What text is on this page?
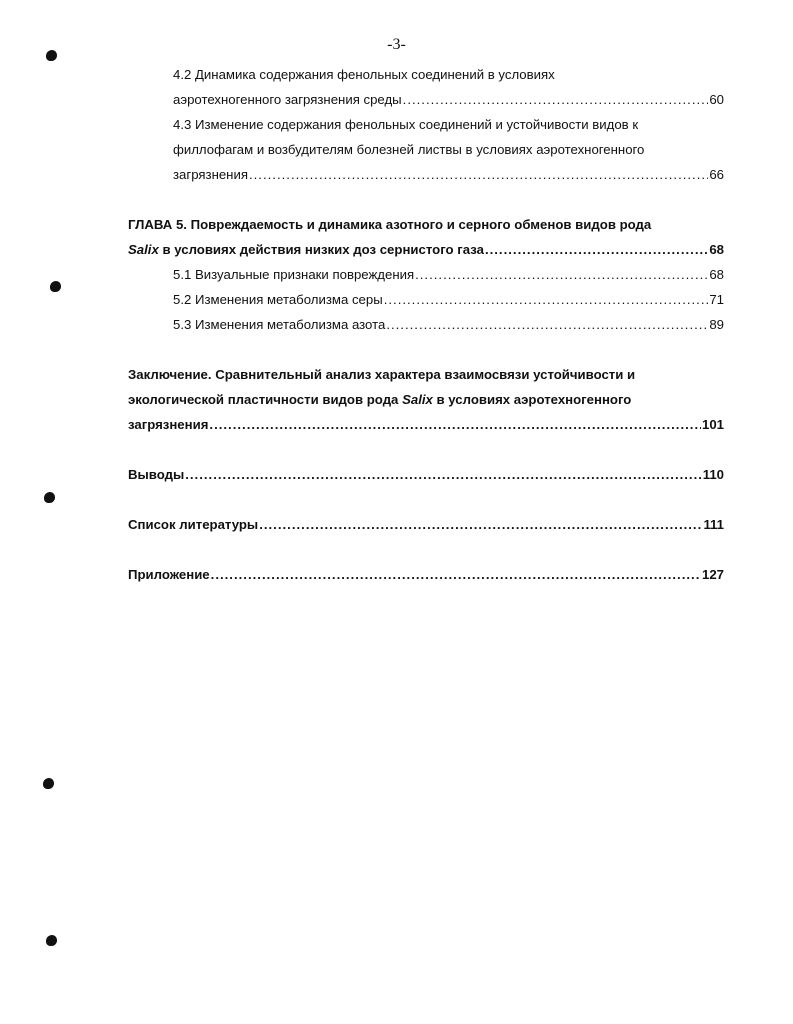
-3-
4.2 Динамика содержания фенольных соединений в условиях
аэротехногенного загрязнения среды .....	60
4.3 Изменение содержания фенольных соединений и устойчивости видов к
филлофагам и возбудителям болезней листвы в условиях аэротехногенного
загрязнения .....	66
ГЛАВА 5. Повреждаемость и динамика азотного и серного обменов видов рода
Salix в условиях действия низких доз сернистого газа .....	68
5.1 Визуальные признаки повреждения .....	68
5.2 Изменения метаболизма серы .....	71
5.3 Изменения метаболизма азота .....	89
Заключение. Сравнительный анализ характера взаимосвязи устойчивости и
экологической пластичности видов рода Salix в условиях аэротехногенного
загрязнения .....	101
Выводы .....	110
Список литературы .....	111
Приложение .....	127
